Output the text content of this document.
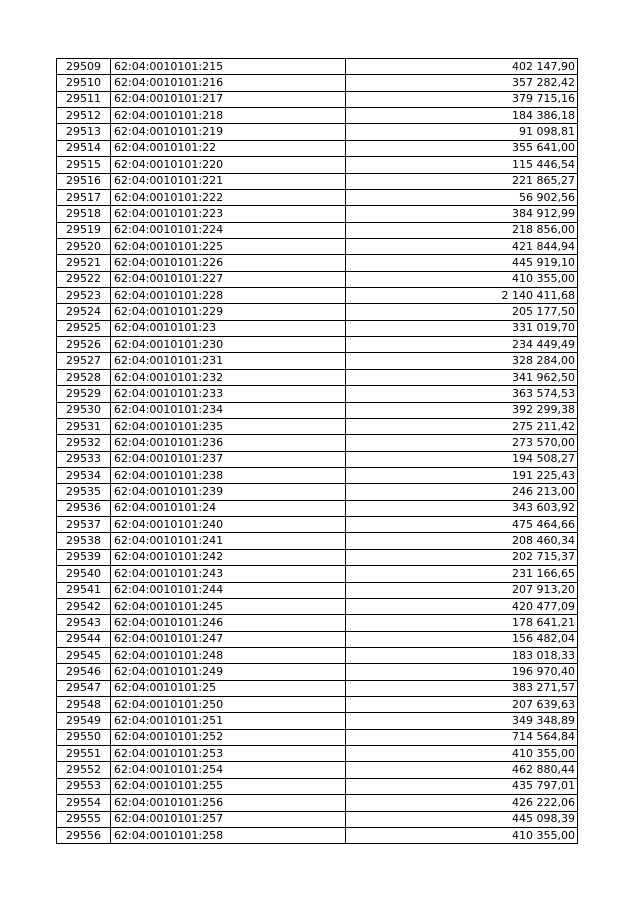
29509	62:04:0010101:215	402 147,90
29510	62:04:0010101:216	357 282,42
29511	62:04:0010101:217	379 715,16
29512	62:04:0010101:218	184 386,18
29513	62:04:0010101:219	91 098,81
29514	62:04:0010101:22	355 641,00
29515	62:04:0010101:220	115 446,54
29516	62:04:0010101:221	221 865,27
29517	62:04:0010101:222	56 902,56
29518	62:04:0010101:223	384 912,99
29519	62:04:0010101:224	218 856,00
29520	62:04:0010101:225	421 844,94
29521	62:04:0010101:226	445 919,10
29522	62:04:0010101:227	410 355,00
29523	62:04:0010101:228	2 140 411,68
29524	62:04:0010101:229	205 177,50
29525	62:04:0010101:23	331 019,70
29526	62:04:0010101:230	234 449,49
29527	62:04:0010101:231	328 284,00
29528	62:04:0010101:232	341 962,50
29529	62:04:0010101:233	363 574,53
29530	62:04:0010101:234	392 299,38
29531	62:04:0010101:235	275 211,42
29532	62:04:0010101:236	273 570,00
29533	62:04:0010101:237	194 508,27
29534	62:04:0010101:238	191 225,43
29535	62:04:0010101:239	246 213,00
29536	62:04:0010101:24	343 603,92
29537	62:04:0010101:240	475 464,66
29538	62:04:0010101:241	208 460,34
29539	62:04:0010101:242	202 715,37
29540	62:04:0010101:243	231 166,65
29541	62:04:0010101:244	207 913,20
29542	62:04:0010101:245	420 477,09
29543	62:04:0010101:246	178 641,21
29544	62:04:0010101:247	156 482,04
29545	62:04:0010101:248	183 018,33
29546	62:04:0010101:249	196 970,40
29547	62:04:0010101:25	383 271,57
29548	62:04:0010101:250	207 639,63
29549	62:04:0010101:251	349 348,89
29550	62:04:0010101:252	714 564,84
29551	62:04:0010101:253	410 355,00
29552	62:04:0010101:254	462 880,44
29553	62:04:0010101:255	435 797,01
29554	62:04:0010101:256	426 222,06
29555	62:04:0010101:257	445 098,39
29556	62:04:0010101:258	410 355,00
